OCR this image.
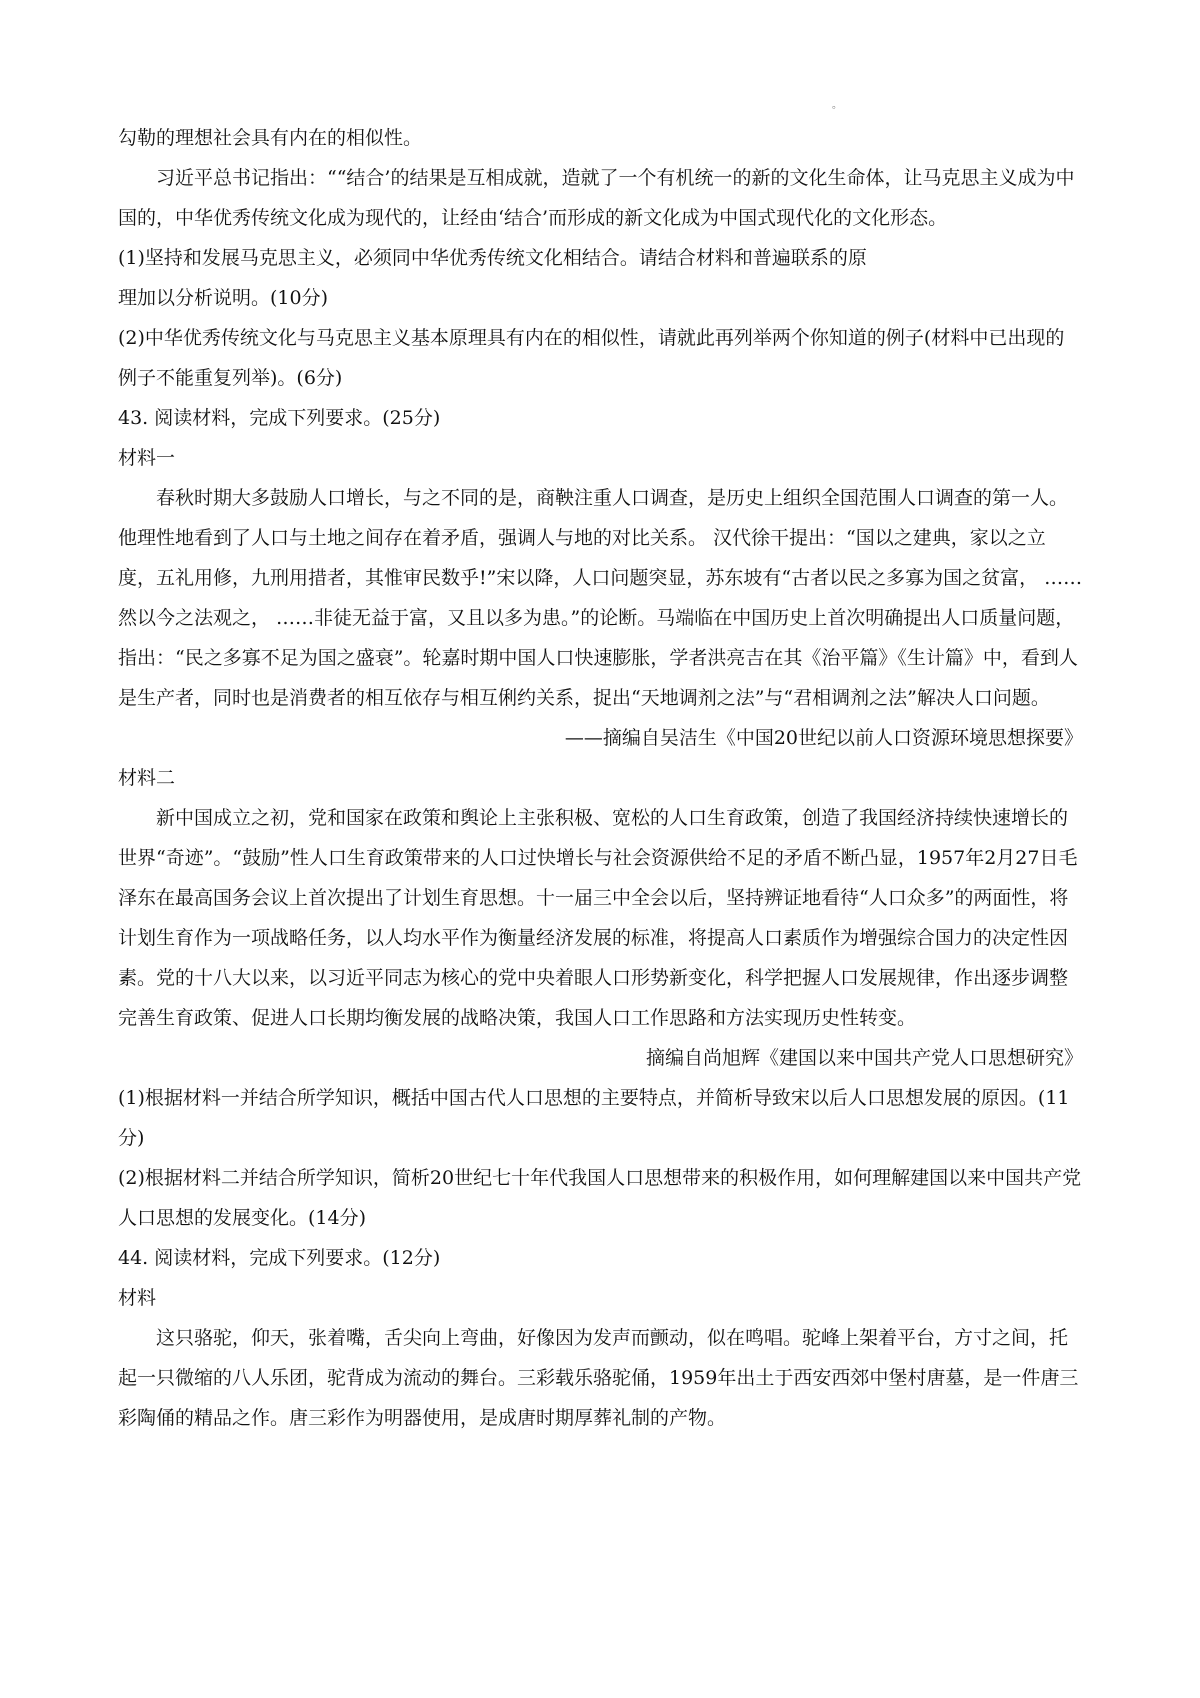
。
勾勒的理想社会具有内在的相似性。

习近平总书记指出：““结合’的结果是互相成就，造就了一个有机统一的新的文化生命体，让马克思主义成为中国的，中华优秀传统文化成为现代的，让经由‘结合’而形成的新文化成为中国式现代化的文化形态。

(1)坚持和发展马克思主义，必须同中华优秀传统文化相结合。请结合材料和普遍联系的原
理加以分析说明。(10分)

(2)中华优秀传统文化与马克思主义基本原理具有内在的相似性，请就此再列举两个你知道的例子(材料中已出现的例子不能重复列举)。(6分)

43. 阅读材料，完成下列要求。(25分)
材料一

春秋时期大多鼓励人口增长，与之不同的是，商鞅注重人口调查，是历史上组织全国范围人口调查的第一人。他理性地看到了人口与土地之间存在着矛盾，强调人与地的对比关系。 汉代徐干提出：“国以之建典，家以之立度，五礼用修，九刑用措者，其惟审民数乎!”宋以降，人口问题突显，苏东坡有“古者以民之多寡为国之贫富， ……然以今之法观之， ……非徒无益于富，又且以多为患。”的论断。马端临在中国历史上首次明确提出人口质量问题，指出：“民之多寡不足为国之盛衰”。轮嘉时期中国人口快速膨胀，学者洪亮吉在其《治平篇》《生计篇》中，看到人是生产者，同时也是消费者的相互依存与相互俐约关系，捉出“天地调剂之法”与“君相调剂之法”解决人口问题。

——摘编自吴洁生《中国20世纪以前人口资源环境思想探要》
材料二

新中国成立之初，党和国家在政策和舆论上主张积极、宽松的人口生育政策，创造了我国经济持续快速增长的世界“奇迹”。“鼓励”性人口生育政策带来的人口过快增长与社会资源供给不足的矛盾不断凸显，1957年2月27日毛泽东在最高国务会议上首次提出了计划生育思想。十一届三中全会以后，坚持辨证地看待“人口众多”的两面性，将计划生育作为一项战略任务，以人均水平作为衡量经济发展的标准，将提高人口素质作为增强综合国力的决定性因素。党的十八大以来，以习近平同志为核心的党中央着眼人口形势新变化，科学把握人口发展规律，作出逐步调整完善生育政策、促进人口长期均衡发展的战略决策，我国人口工作思路和方法实现历史性转变。

摘编自尚旭辉《建国以来中国共产党人口思想研究》

(1)根据材料一并结合所学知识，概括中国古代人口思想的主要特点，并简析导致宋以后人口思想发展的原因。(11分)

(2)根据材料二并结合所学知识，简析20世纪七十年代我国人口思想带来的积极作用，如何理解建国以来中国共产党人口思想的发展变化。(14分)

44. 阅读材料，完成下列要求。(12分)
材料

这只骆驼，仰天，张着嘴，舌尖向上弯曲，好像因为发声而颤动，似在鸣唱。驼峰上架着平台，方寸之间，托起一只微缩的八人乐团，驼背成为流动的舞台。三彩载乐骆驼俑，1959年出土于西安西郊中堡村唐墓，是一件唐三彩陶俑的精品之作。唐三彩作为明器使用，是成唐时期厚葬礼制的产物。
